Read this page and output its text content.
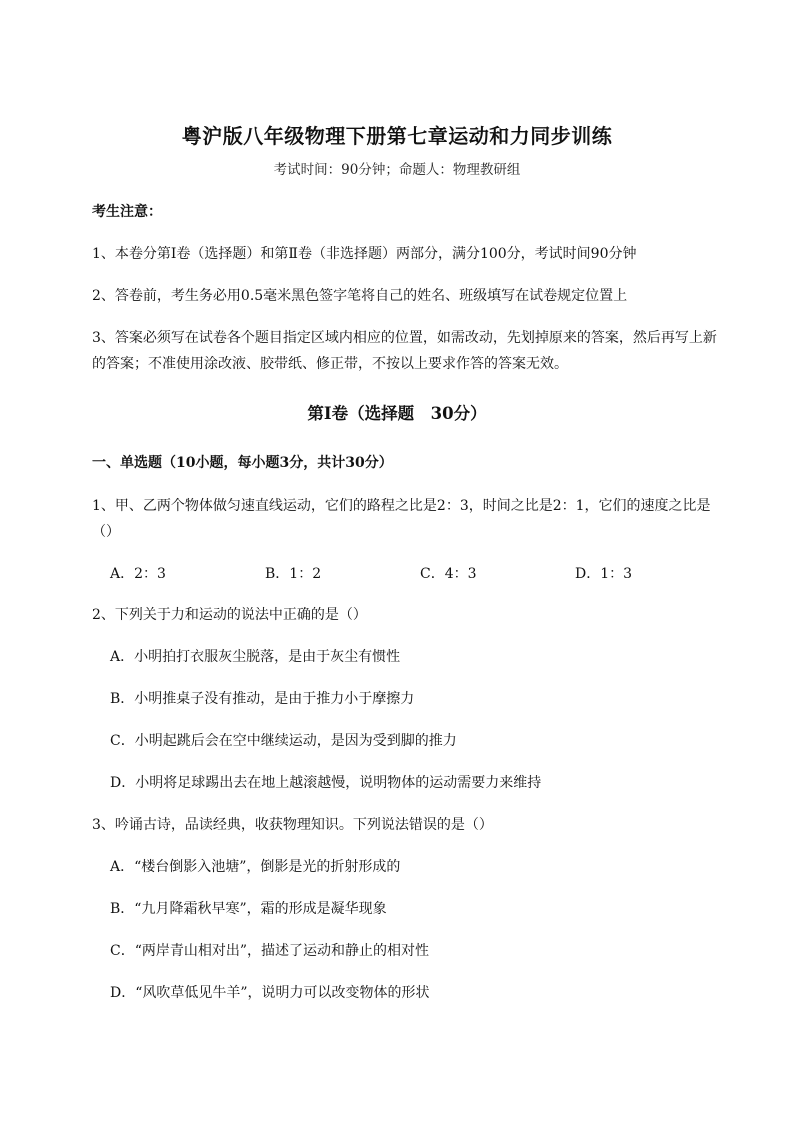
粤沪版八年级物理下册第七章运动和力同步训练
考试时间：90分钟；命题人：物理教研组
考生注意：
1、本卷分第I卷（选择题）和第Ⅱ卷（非选择题）两部分，满分100分，考试时间90分钟
2、答卷前，考生务必用0.5毫米黑色签字笔将自己的姓名、班级填写在试卷规定位置上
3、答案必须写在试卷各个题目指定区域内相应的位置，如需改动，先划掉原来的答案，然后再写上新
的答案；不准使用涂改液、胶带纸、修正带，不按以上要求作答的答案无效。
第I卷（选择题　30分）
一、单选题（10小题，每小题3分，共计30分）
1、甲、乙两个物体做匀速直线运动，它们的路程之比是2：3，时间之比是2：1，它们的速度之比是
（）
A．2：3	B．1：2	C．4：3	D．1：3
2、下列关于力和运动的说法中正确的是（）
A．小明拍打衣服灰尘脱落，是由于灰尘有惯性
B．小明推桌子没有推动，是由于推力小于摩擦力
C．小明起跳后会在空中继续运动，是因为受到脚的推力
D．小明将足球踢出去在地上越滚越慢，说明物体的运动需要力来维持
3、吟诵古诗，品读经典，收获物理知识。下列说法错误的是（）
A．“楼台倒影入池塘”，倒影是光的折射形成的
B．“九月降霜秋早寒”，霜的形成是凝华现象
C．“两岸青山相对出”，描述了运动和静止的相对性
D．“风吹草低见牛羊”，说明力可以改变物体的形状
